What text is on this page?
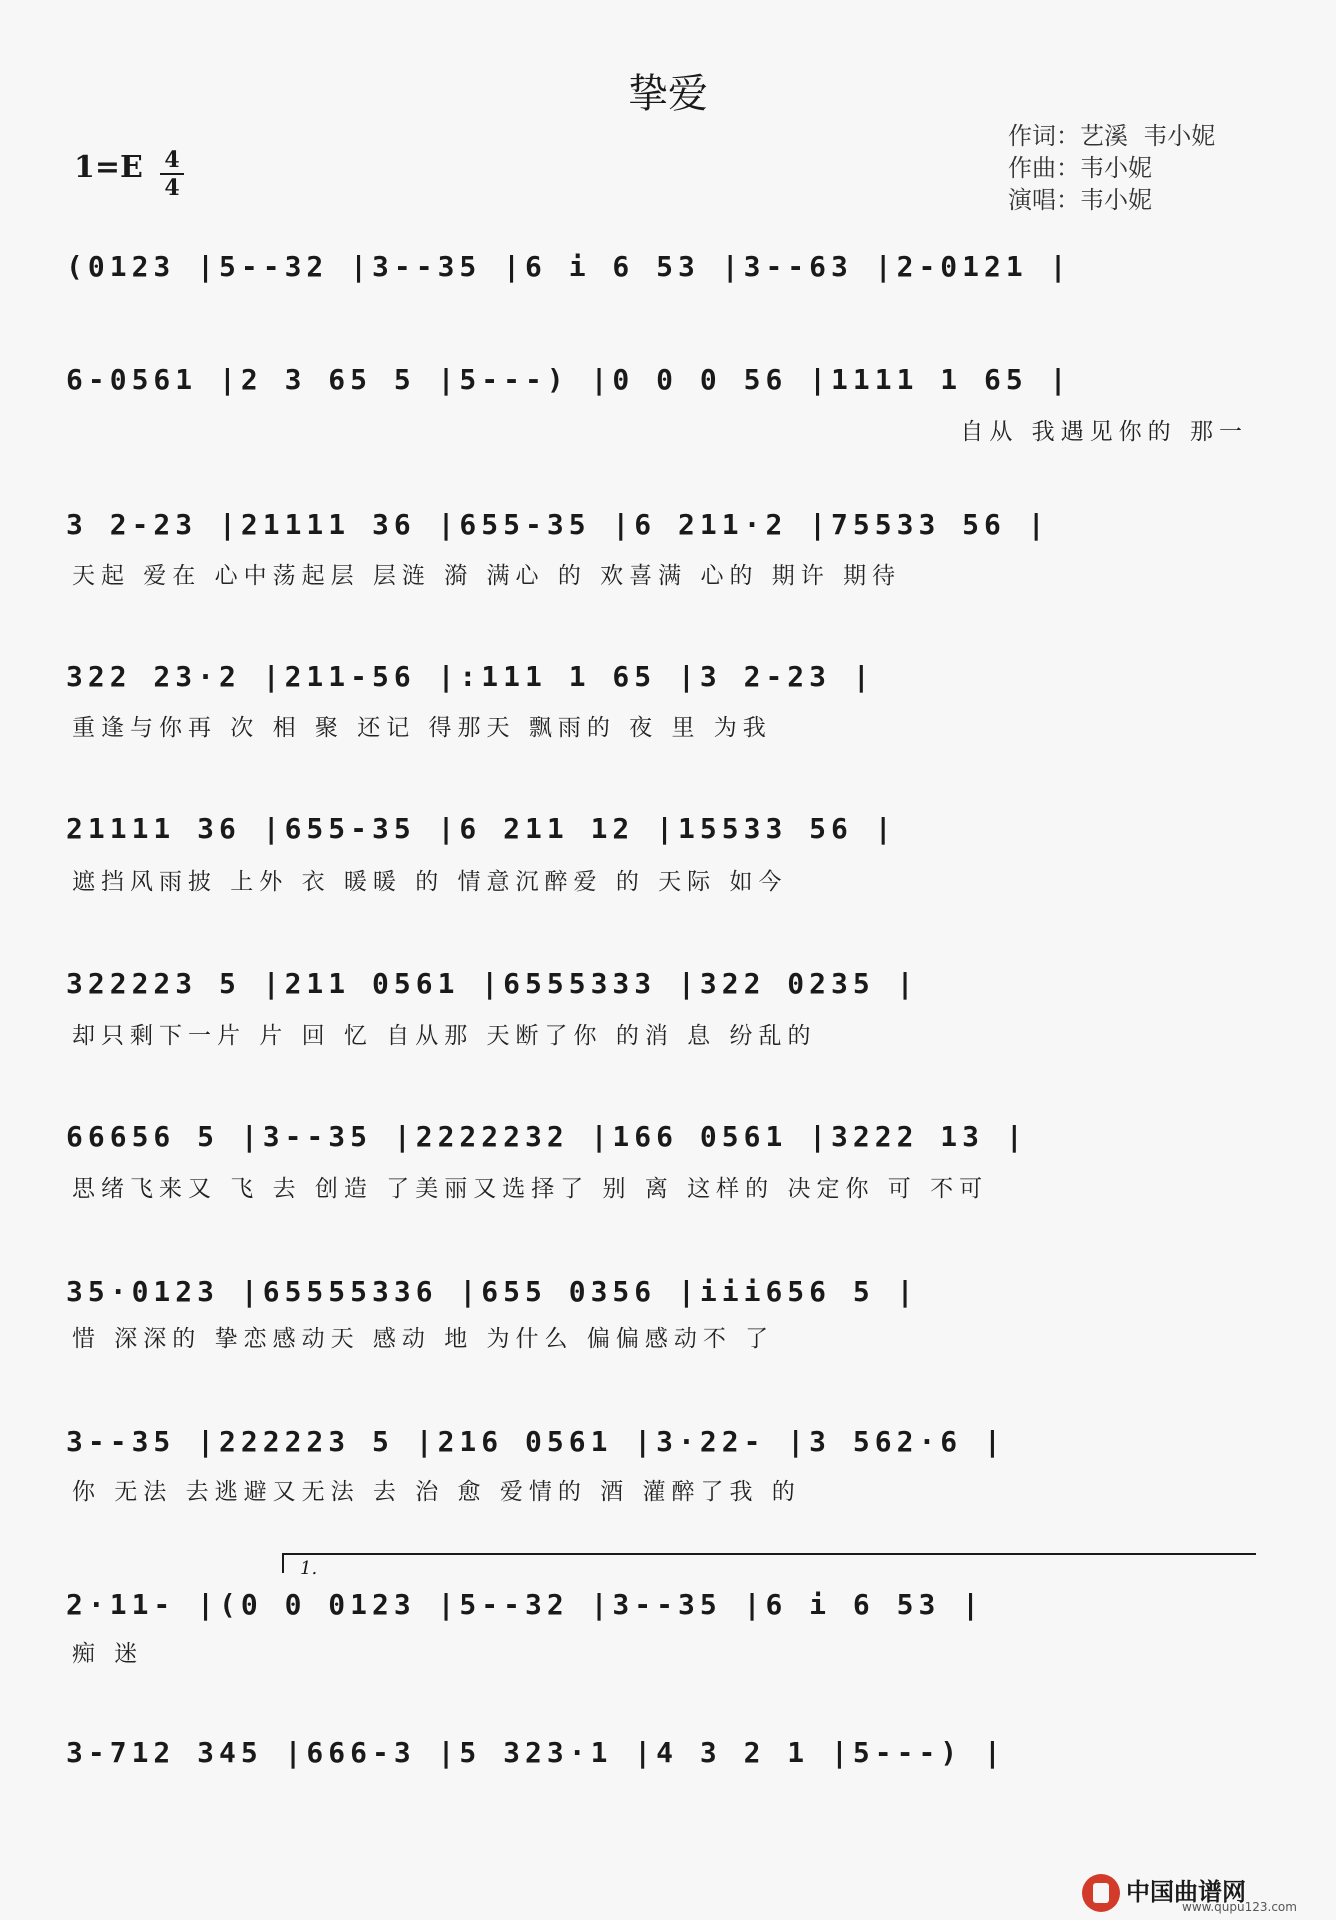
挚爱
1=E 4
4
作词：艺溪  韦小妮
作曲：韦小妮
演唱：韦小妮
(0123 |5--32 |3--35 |6 i 6 53 |3--63 |2-0121 |
6-0561 |2 3 65 5 |5---) |0 0 0 56 |1111 1 65 |
自从 我遇见你的 那一
3 2-23 |21111 36 |655-35 |6 211·2 |75533 56 |
天起 爱在 心中荡起层 层涟 漪 满心 的 欢喜满 心的 期许 期待
322 23·2 |211-56 |:111 1 65 |3 2-23 |
重逢与你再 次 相 聚 还记 得那天 飘雨的 夜 里 为我
21111 36 |655-35 |6 211 12 |15533 56 |
遮挡风雨披 上外 衣 暖暖 的 情意沉醉爱 的 天际 如今
322223 5 |211 0561 |6555333 |322 0235 |
却只剩下一片 片 回 忆 自从那 天断了你 的消 息 纷乱的
66656 5 |3--35 |2222232 |166 0561 |3222 13 |
思绪飞来又 飞 去 创造 了美丽又选择了 别 离 这样的 决定你 可 不可
35·0123 |65555336 |655 0356 |iii656 5 |
惜 深深的 挚恋感动天 感动 地 为什么 偏偏感动不 了
3--35 |222223 5 |216 0561 |3·22- |3 562·6 |
你 无法 去逃避又无法 去 治 愈 爱情的 酒 灌醉了我 的
1.
2·11- |(0 0 0123 |5--32 |3--35 |6 i 6 53 |
痴 迷
3-712 345 |666-3 |5 323·1 |4 3 2 1 |5---) |
中国曲谱网
www.qupu123.com
